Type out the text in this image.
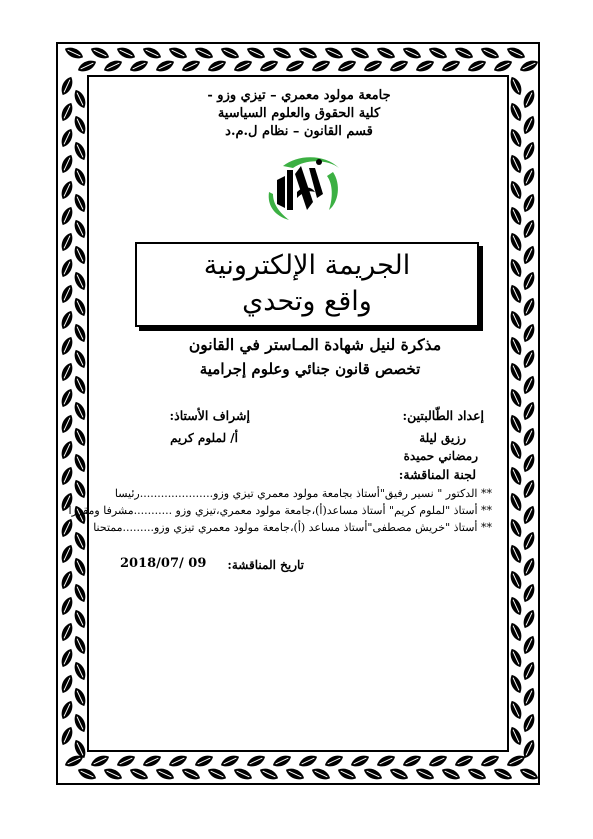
جامعة مولود معمري – تيزي وزو -
كلية الحقوق والعلوم السياسية
قسم القانون – نظام ل.م.د
الجريمة الإلكترونية
واقع وتحدي
مذكرة لنيل شهادة المـاستر في القانون
تخصص قانون جنائي وعلوم إجرامية
إعداد الطّالبتين:
رزيق ليلة
رمضاني حميدة
إشراف الأستاذ:
أ/ لملوم كريم
لجنة المناقشة:
** الدكتور " نسير رفيق"أستاذ بجامعة مولود معمري تيزي وزو.....................رئيسا
** أستاذ "لملوم كريم" أستاذ مساعد(أ)،جامعة مولود معمري،تيزي وزو ...........مشرفا ومقررا
** أستاذ "خريش مصطفى"أستاذ مساعد (أ)،جامعة مولود معمري تيزي وزو.........ممتحنا
تاريخ المناقشة:
2018/07/ 09
